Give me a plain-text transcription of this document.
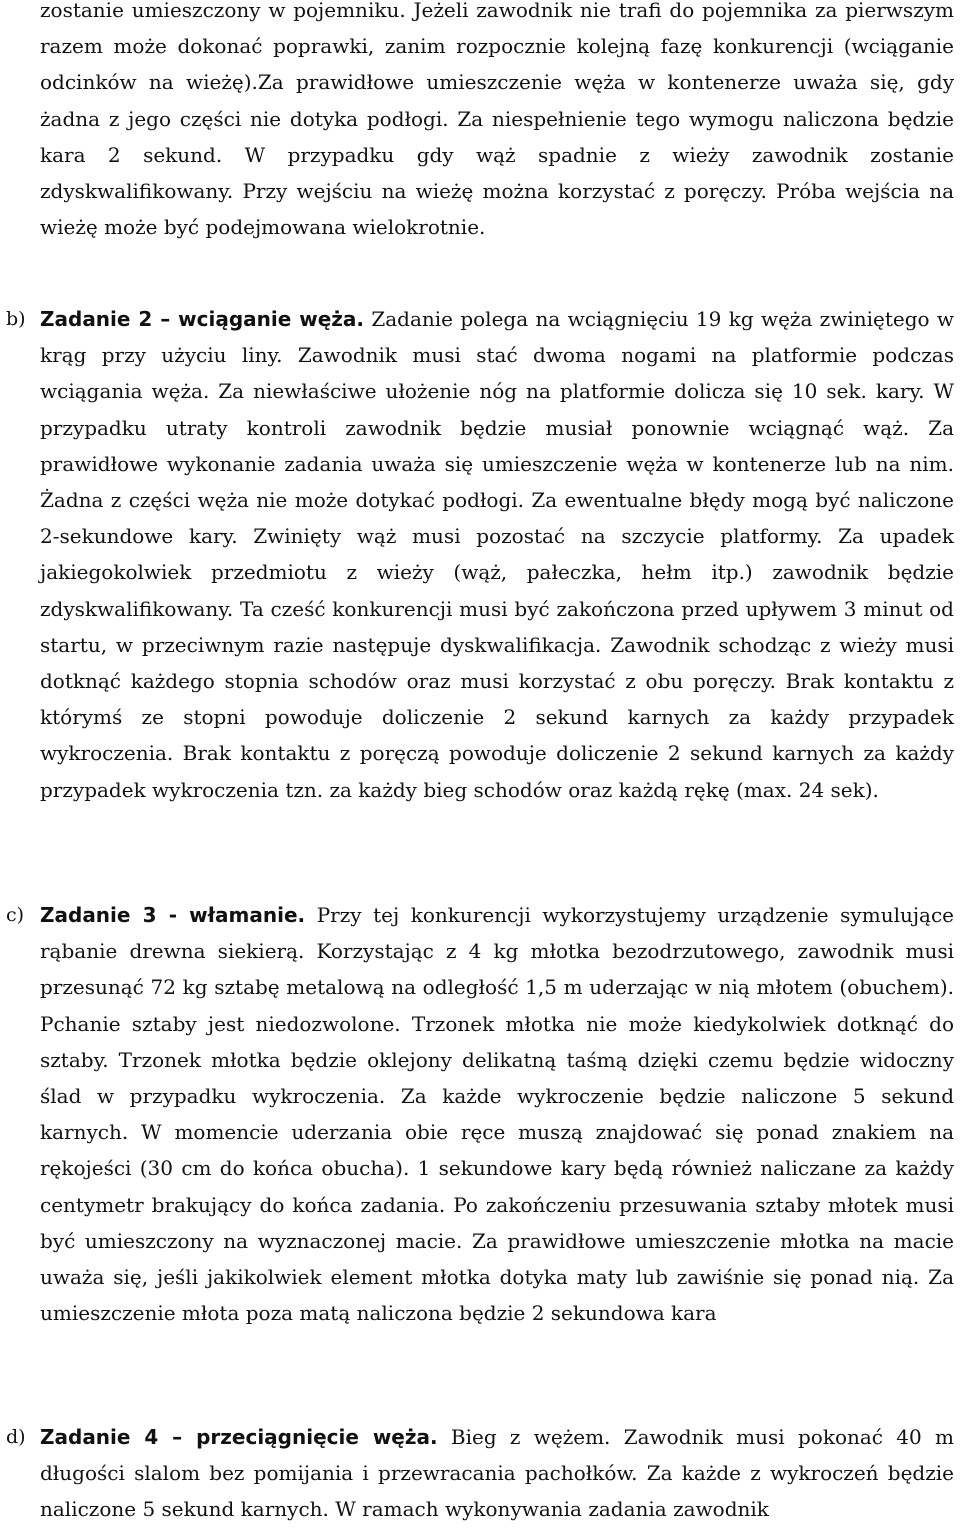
zostanie umieszczony w pojemniku. Jeżeli zawodnik nie trafi do pojemnika za pierwszym razem może dokonać poprawki, zanim rozpocznie kolejną fazę konkurencji (wciąganie odcinków na wieżę).Za prawidłowe umieszczenie węża w kontenerze uważa się, gdy żadna z jego części nie dotyka podłogi. Za niespełnienie tego wymogu naliczona będzie kara 2 sekund. W przypadku gdy wąż spadnie z wieży zawodnik zostanie zdyskwalifikowany. Przy wejściu na wieżę można korzystać z poręczy. Próba wejścia na wieżę może być podejmowana wielokrotnie.

b) Zadanie 2 – wciąganie węża. Zadanie polega na wciągnięciu 19 kg węża zwiniętego w krąg przy użyciu liny. Zawodnik musi stać dwoma nogami na platformie podczas wciągania węża. Za niewłaściwe ułożenie nóg na platformie dolicza się 10 sek. kary. W przypadku utraty kontroli zawodnik będzie musiał ponownie wciągnąć wąż. Za prawidłowe wykonanie zadania uważa się umieszczenie węża w kontenerze lub na nim. Żadna z części węża nie może dotykać podłogi. Za ewentualne błędy mogą być naliczone 2-sekundowe kary. Zwinięty wąż musi pozostać na szczycie platformy. Za upadek jakiegokolwiek przedmiotu z wieży (wąż, pałeczka, hełm itp.) zawodnik będzie zdyskwalifikowany. Ta cześć konkurencji musi być zakończona przed upływem 3 minut od startu, w przeciwnym razie następuje dyskwalifikacja. Zawodnik schodząc z wieży musi dotknąć każdego stopnia schodów oraz musi korzystać z obu poręczy. Brak kontaktu z którymś ze stopni powoduje doliczenie 2 sekund karnych za każdy przypadek wykroczenia. Brak kontaktu z poręczą powoduje doliczenie 2 sekund karnych za każdy przypadek wykroczenia tzn. za każdy bieg schodów oraz każdą rękę (max. 24 sek).

c) Zadanie 3 - włamanie. Przy tej konkurencji wykorzystujemy urządzenie symulujące rąbanie drewna siekierą. Korzystając z 4 kg młotka bezodrzutowego, zawodnik musi przesunąć 72 kg sztabę metalową na odległość 1,5 m uderzając w nią młotem (obuchem). Pchanie sztaby jest niedozwolone. Trzonek młotka nie może kiedykolwiek dotknąć do sztaby. Trzonek młotka będzie oklejony delikatną taśmą dzięki czemu będzie widoczny ślad w przypadku wykroczenia. Za każde wykroczenie będzie naliczone 5 sekund karnych. W momencie uderzania obie ręce muszą znajdować się ponad znakiem na rękojeści (30 cm do końca obucha). 1 sekundowe kary będą również naliczane za każdy centymetr brakujący do końca zadania. Po zakończeniu przesuwania sztaby młotek musi być umieszczony na wyznaczonej macie. Za prawidłowe umieszczenie młotka na macie uważa się, jeśli jakikolwiek element młotka dotyka maty lub zawiśnie się ponad nią. Za umieszczenie młota poza matą naliczona będzie 2 sekundowa kara

d) Zadanie 4 – przeciągnięcie węża. Bieg z wężem. Zawodnik musi pokonać 40 m długości slalom bez pomijania i przewracania pachołków. Za każde z wykroczeń będzie naliczone 5 sekund karnych. W ramach wykonywania zadania zawodnik
